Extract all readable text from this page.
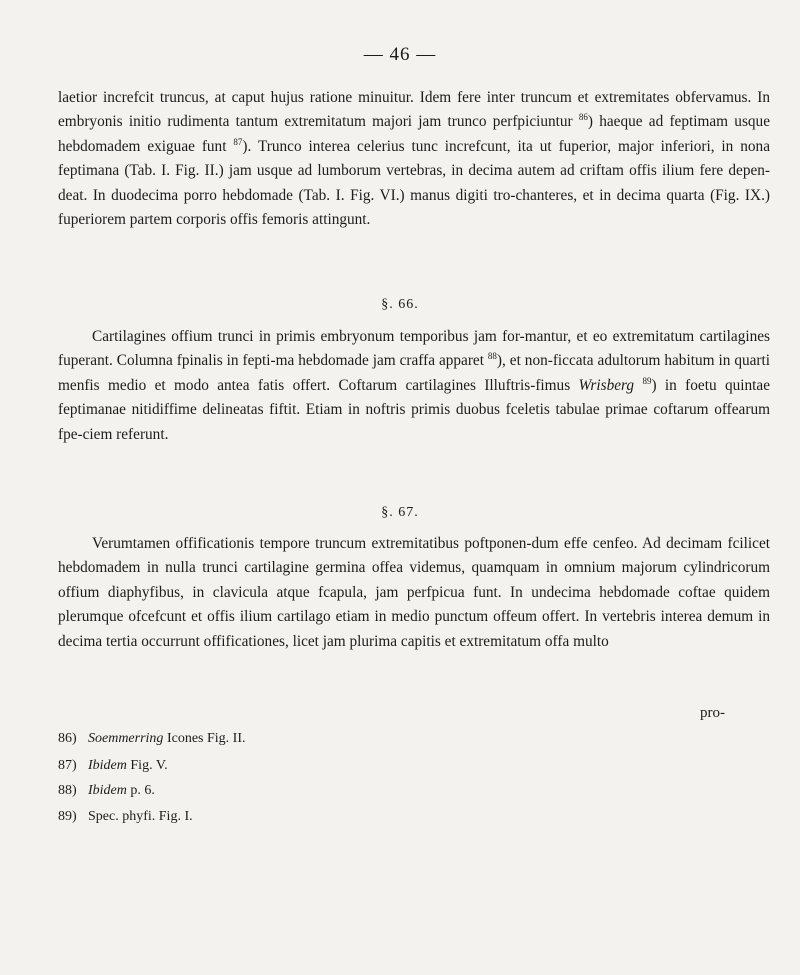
— 46 —

laetior increfcit truncus, at caput hujus ratione minuitur. Idem fere inter truncum et extremitates obfervamus. In embryonis initio rudimenta tantum extremitatum majori jam trunco perfpiciuntur $^{86}$) haeque ad feptimam usque hebdomadem exiguae funt $^{87}$). Trunco interea celerius tunc increfcunt, ita ut fuperior, major inferiori, in nona feptimana (Tab. I. Fig. II.) jam usque ad lumborum vertebras, in decima autem ad criftam offis ilium fere depen-deat. In duodecima porro hebdomade (Tab. I. Fig. VI.) manus digiti tro-chanteres, et in decima quarta (Fig. IX.) fuperiorem partem corporis offis femoris attingunt.

§. 66.

Cartilagines offium trunci in primis embryonum temporibus jam for-mantur, et eo extremitatum cartilagines fuperant. Columna fpinalis in fepti-ma hebdomade jam craffa apparet $^{88}$), et non-ficcata adultorum habitum in quarti menfis medio et modo antea fatis offert. Coftarum cartilagines Illuftris-fimus Wrisberg $^{89}$) in foetu quintae feptimanae nitidiffime delineatas fiftit. Etiam in noftris primis duobus fceletis tabulae primae coftarum offearum fpe-ciem referunt.

§. 67.

Verumtamen offificationis tempore truncum extremitatibus poftponen-dum effe cenfeo. Ad decimam fcilicet hebdomadem in nulla trunci cartilagine germina offea videmus, quamquam in omnium majorum cylindricorum offium diaphyfibus, in clavicula atque fcapula, jam perfpicua funt. In undecima hebdomade coftae quidem plerumque ofcefcunt et offis ilium cartilago etiam in medio punctum offeum offert. In vertebris interea demum in decima tertia occurrunt offificationes, licet jam plurima capitis et extremitatum offa multo

pro-
86) Soemmerring Icones Fig. II.
87) Ibidem Fig. V.
88) Ibidem p. 6.
89) Spec. phyfi. Fig. I.
